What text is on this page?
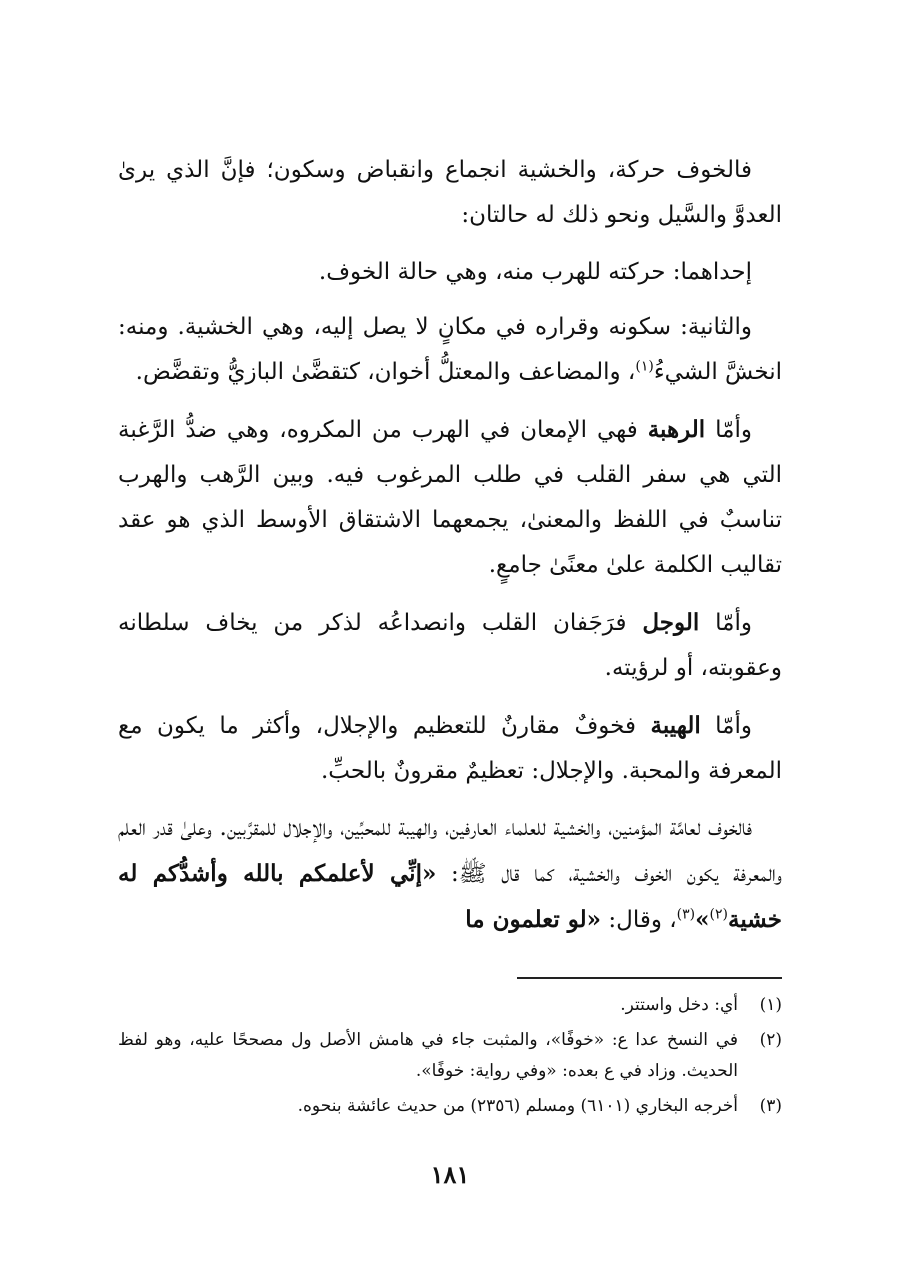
فالخوف حركة، والخشية انجماع وانقباض وسكون؛ فإنَّ الذي يرىٰ العدوَّ والسَّيل ونحو ذلك له حالتان:

إحداهما: حركته للهرب منه، وهي حالة الخوف.

والثانية: سكونه وقراره في مكانٍ لا يصل إليه، وهي الخشية. ومنه: انخشَّ الشيءُ$^{(١)}$، والمضاعف والمعتلُّ أخوان، كتقضَّىٰ البازيُّ وتقضَّض.

وأمّا الرهبة فهي الإمعان في الهرب من المكروه، وهي ضدُّ الرَّغبة التي هي سفر القلب في طلب المرغوب فيه. وبين الرَّهب والهرب تناسبٌ في اللفظ والمعنىٰ، يجمعهما الاشتقاق الأوسط الذي هو عقد تقاليب الكلمة علىٰ معنًىٰ جامعٍ.

وأمّا الوجل فرَجَفان القلب وانصداعُه لذكر من يخاف سلطانه وعقوبته، أو لرؤيته.

وأمّا الهيبة فخوفٌ مقارنٌ للتعظيم والإجلال، وأكثر ما يكون مع المعرفة والمحبة. والإجلال: تعظيمٌ مقرونٌ بالحبِّ.

فالخوف لعامَّة المؤمنين، والخشية للعلماء العارفين، والهيبة للمحبِّين، والإجلال للمقرَّبين. وعلىٰ قدر العلم والمعرفة يكون الخوف والخشية، كما قال ﷺ: «إنِّي لأعلمكم بالله وأشدُّكم له خشية$^{(٢)}$»$^{(٣)}$، وقال: «لو تعلمون ما

(١)
أي: دخل واستتر.
(٢)
في النسخ عدا ع: «خوفًا»، والمثبت جاء في هامش الأصل ول مصححًا عليه، وهو لفظ الحديث. وزاد في ع بعده: «وفي رواية: خوفًا».
(٣)
أخرجه البخاري (٦١٠١) ومسلم (٢٣٥٦) من حديث عائشة بنحوه.
١٨١
